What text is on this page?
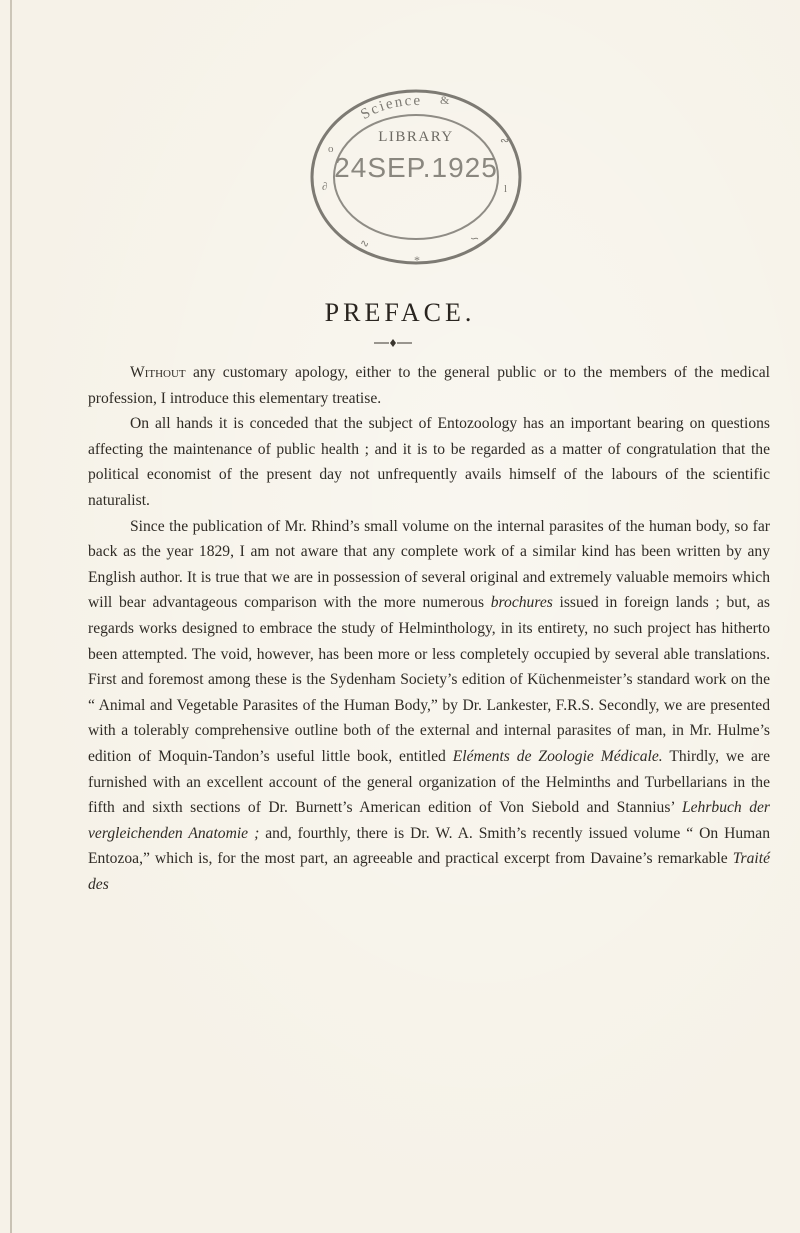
Science
o
∂
∾
l
∿	∽
*
&
LIBRARY
24SEP.1925
PREFACE.

Without any customary apology, either to the general public or to the members of the medical profession, I introduce this elementary treatise.

On all hands it is conceded that the subject of Entozoology has an important bearing on questions affecting the maintenance of public health ; and it is to be regarded as a matter of congratulation that the political economist of the present day not unfrequently avails himself of the labours of the scientific naturalist.

Since the publication of Mr. Rhind’s small volume on the internal parasites of the human body, so far back as the year 1829, I am not aware that any complete work of a similar kind has been written by any English author. It is true that we are in possession of several original and extremely valuable memoirs which will bear advantageous comparison with the more numerous brochures issued in foreign lands ; but, as regards works designed to embrace the study of Helminthology, in its entirety, no such project has hitherto been attempted. The void, however, has been more or less completely occupied by several able translations. First and foremost among these is the Sydenham Society’s edition of Küchenmeister’s standard work on the “ Animal and Vegetable Parasites of the Human Body,” by Dr. Lankester, F.R.S. Secondly, we are presented with a tolerably comprehensive outline both of the external and internal parasites of man, in Mr. Hulme’s edition of Moquin-Tandon’s useful little book, entitled Eléments de Zoologie Médicale. Thirdly, we are furnished with an excellent account of the general organization of the Helminths and Turbellarians in the fifth and sixth sections of Dr. Burnett’s American edition of Von Siebold and Stannius’ Lehrbuch der vergleichenden Anatomie ; and, fourthly, there is Dr. W. A. Smith’s recently issued volume “ On Human Entozoa,” which is, for the most part, an agreeable and practical excerpt from Davaine’s remarkable Traité des
